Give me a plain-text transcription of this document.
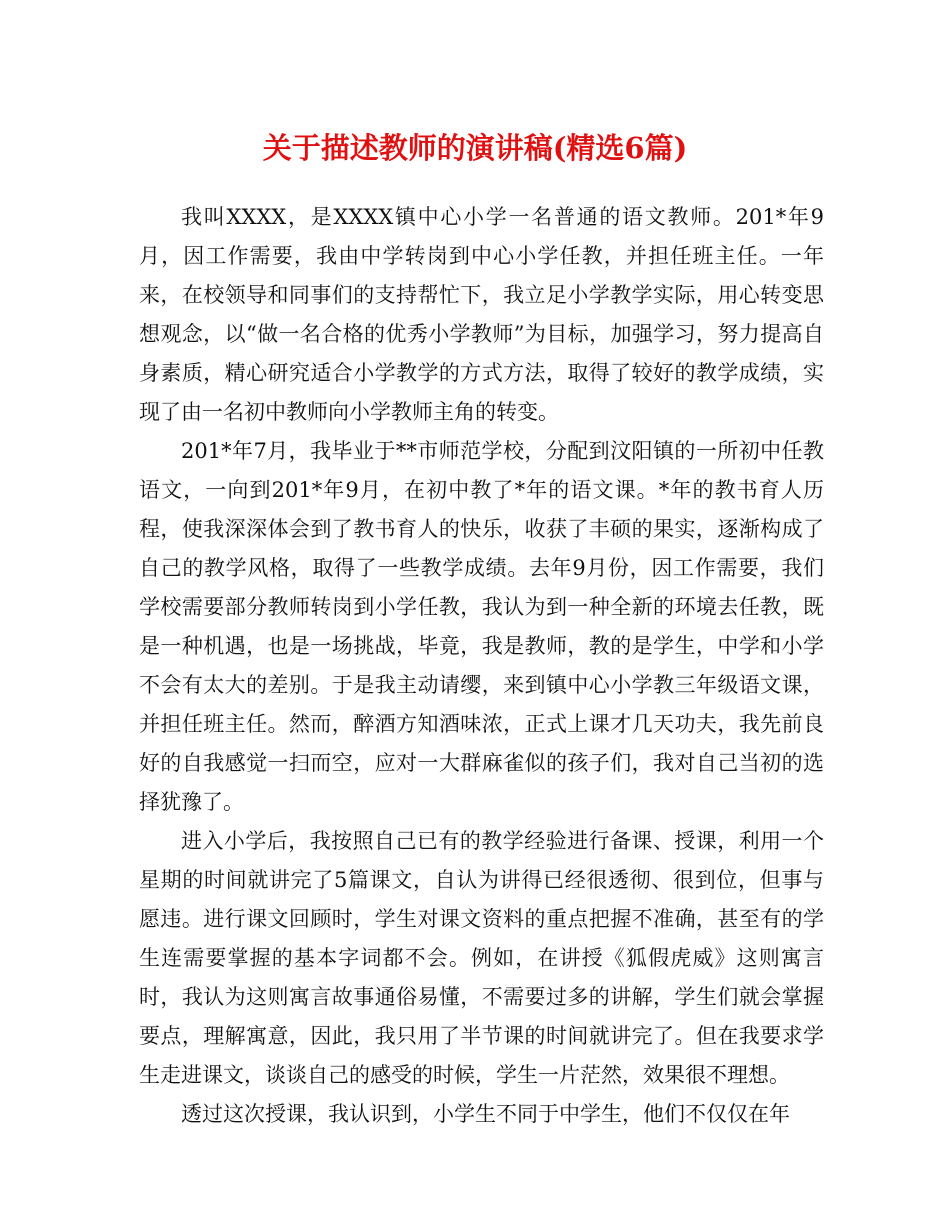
关于描述教师的演讲稿(精选6篇)

我叫XXXX，是XXXX镇中心小学一名普通的语文教师。201*年9月，因工作需要，我由中学转岗到中心小学任教，并担任班主任。一年来，在校领导和同事们的支持帮忙下，我立足小学教学实际，用心转变思想观念，以“做一名合格的优秀小学教师”为目标，加强学习，努力提高自身素质，精心研究适合小学教学的方式方法，取得了较好的教学成绩，实现了由一名初中教师向小学教师主角的转变。

201*年7月，我毕业于**市师范学校，分配到汶阳镇的一所初中任教语文，一向到201*年9月，在初中教了*年的语文课。*年的教书育人历程，使我深深体会到了教书育人的快乐，收获了丰硕的果实，逐渐构成了自己的教学风格，取得了一些教学成绩。去年9月份，因工作需要，我们学校需要部分教师转岗到小学任教，我认为到一种全新的环境去任教，既是一种机遇，也是一场挑战，毕竟，我是教师，教的是学生，中学和小学不会有太大的差别。于是我主动请缨，来到镇中心小学教三年级语文课，并担任班主任。然而，醉酒方知酒味浓，正式上课才几天功夫，我先前良好的自我感觉一扫而空，应对一大群麻雀似的孩子们，我对自己当初的选择犹豫了。

进入小学后，我按照自己已有的教学经验进行备课、授课，利用一个星期的时间就讲完了5篇课文，自认为讲得已经很透彻、很到位，但事与愿违。进行课文回顾时，学生对课文资料的重点把握不准确，甚至有的学生连需要掌握的基本字词都不会。例如，在讲授《狐假虎威》这则寓言时，我认为这则寓言故事通俗易懂，不需要过多的讲解，学生们就会掌握要点，理解寓意，因此，我只用了半节课的时间就讲完了。但在我要求学生走进课文，谈谈自己的感受的时候，学生一片茫然，效果很不理想。

透过这次授课，我认识到，小学生不同于中学生，他们不仅仅在年
